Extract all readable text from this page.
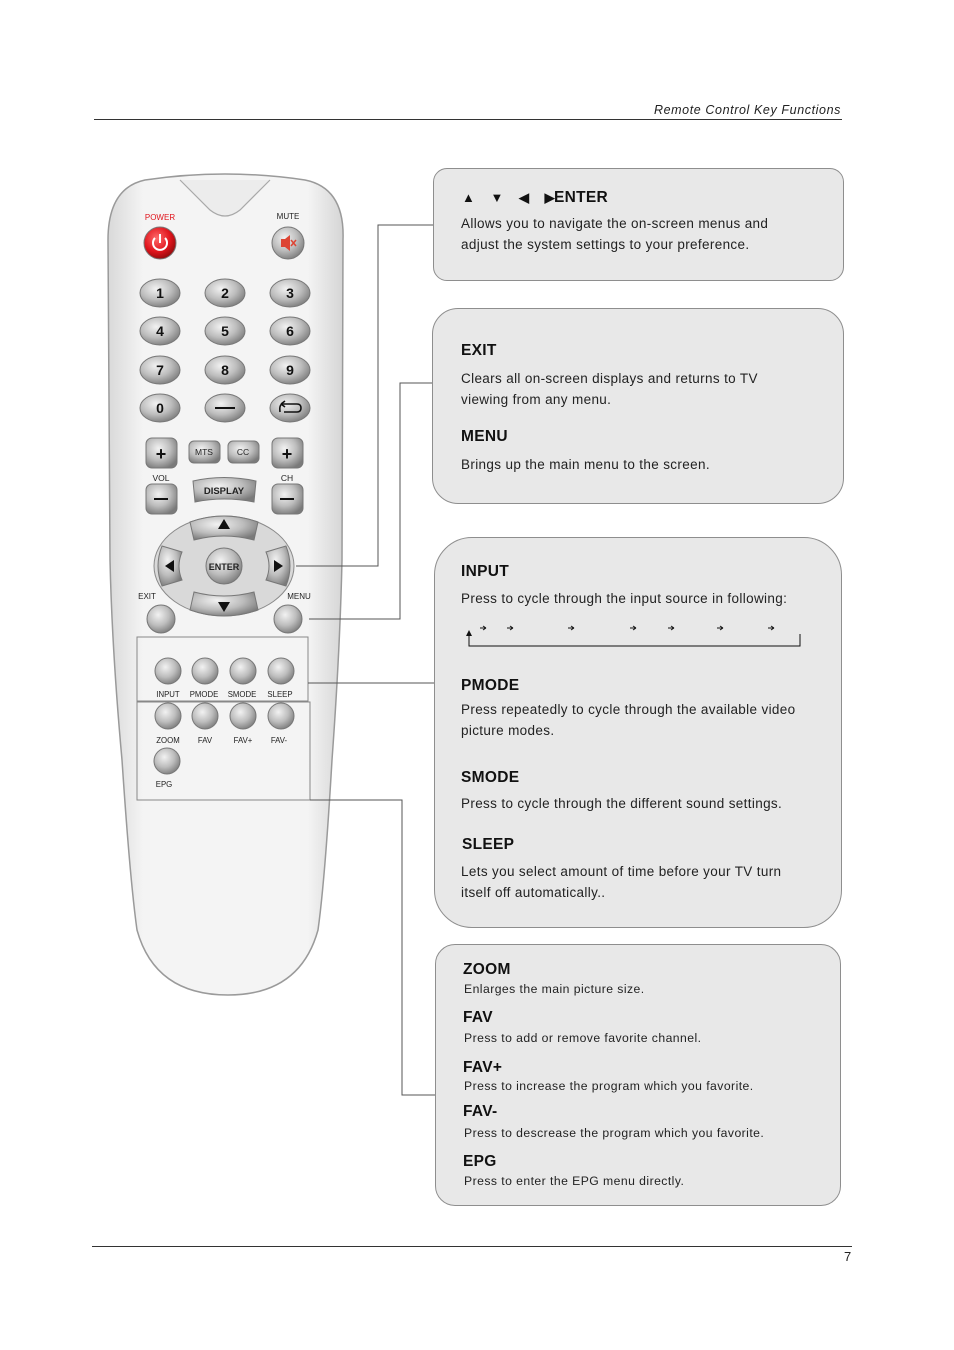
Remote Control Key Functions
POWER	MUTE
1	2	3
4	5	6
7	8	9
0
+
VOL
+
CH
MTS	CC
DISPLAY
ENTER
EXIT	MENU
INPUT PMODE SMODE SLEEP
ZOOM FAV	FAV+ FAV-
EPG
▲ ▼ ◀ ▶
ENTER
Allows you to navigate the on-screen menus and
adjust the system settings to your preference.
EXIT
Clears all on-screen displays and returns to TV
viewing from any menu.
MENU
Brings up the main menu to the screen.
INPUT
Press to cycle through the input source in following:
PMODE
Press repeatedly to cycle through the available video
picture modes.
SMODE
Press to cycle through the different sound settings.
SLEEP
Lets you select amount of time before your TV turn
itself off automatically..
ZOOM
Enlarges the main picture size.
FAV
Press to add or remove favorite channel.
FAV+
Press to increase the program which you favorite.
FAV-
Press to descrease the program which you favorite.
EPG
Press to enter the EPG menu directly.
7
